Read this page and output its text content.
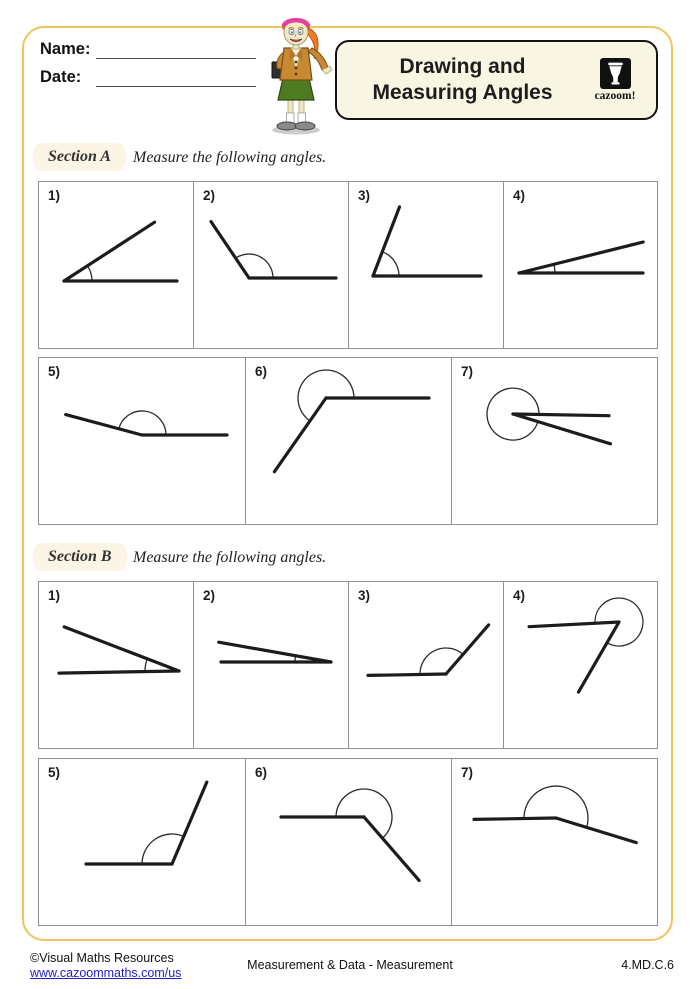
Name:
Date:	Drawing and
Measuring Angles	cazoom!
Section A	Measure the following angles.
1)	2)	3)	4)
5)	6)	7)
Section B	Measure the following angles.
1)	2)	3)	4)
5)	6)	7)
©Visual Maths Resources
www.cazoommaths.com/us
Measurement & Data - Measurement	4.MD.C.6
